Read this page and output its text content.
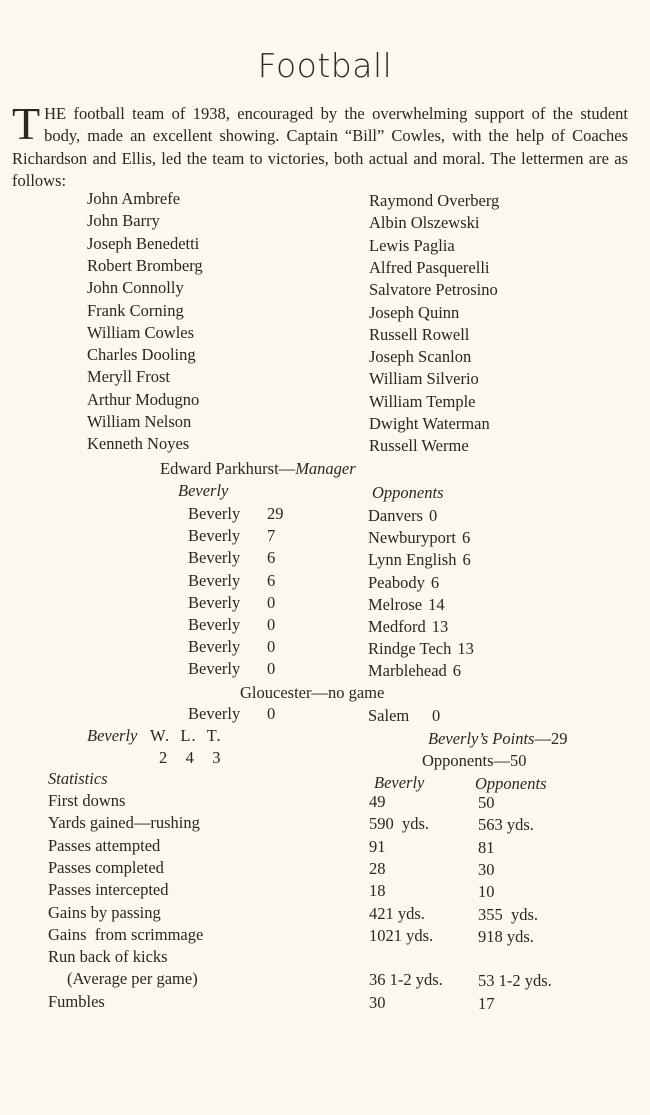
Football
THE football team of 1938, encouraged by the overwhelming support of the student body, made an excellent showing. Captain “Bill” Cowles, with the help of Coaches Richardson and Ellis, led the team to victories, both actual and moral. The lettermen are as follows:
John Ambrefe
John Barry
Joseph Benedetti
Robert Bromberg
John Connolly
Frank Corning
William Cowles
Charles Dooling
Meryll Frost
Arthur Modugno
William Nelson
Kenneth Noyes
Raymond Overberg
Albin Olszewski
Lewis Paglia
Alfred Pasquerelli
Salvatore Petrosino
Joseph Quinn
Russell Rowell
Joseph Scanlon
William Silverio
William Temple
Dwight Waterman
Russell Werme
Edward Parkhurst—Manager
Beverly	Opponents
Beverly 29	Danvers 0
Beverly 7	Newburyport 6
Beverly 6	Lynn English 6
Beverly 6	Peabody 6
Beverly 0	Melrose 14
Beverly 0	Medford 13
Beverly 0	Rindge Tech 13
Beverly 0	Marblehead 6
Gloucester—no game
Beverly 0	Salem 0
Beverly W.  L.  T.
2   4   3
Beverly’s Points—29
Opponents—50
Statistics	Beverly	Opponents
First downs	49	50
Yards gained—rushing	590  yds.	563 yds.
Passes attempted	91	81
Passes completed	28	30
Passes intercepted	18	10
Gains by passing	421 yds.	355  yds.
Gains  from scrimmage	1021 yds.	918 yds.
Run back of kicks
(Average per game)	36 1-2 yds. 53 1-2 yds.
Fumbles	30	17
